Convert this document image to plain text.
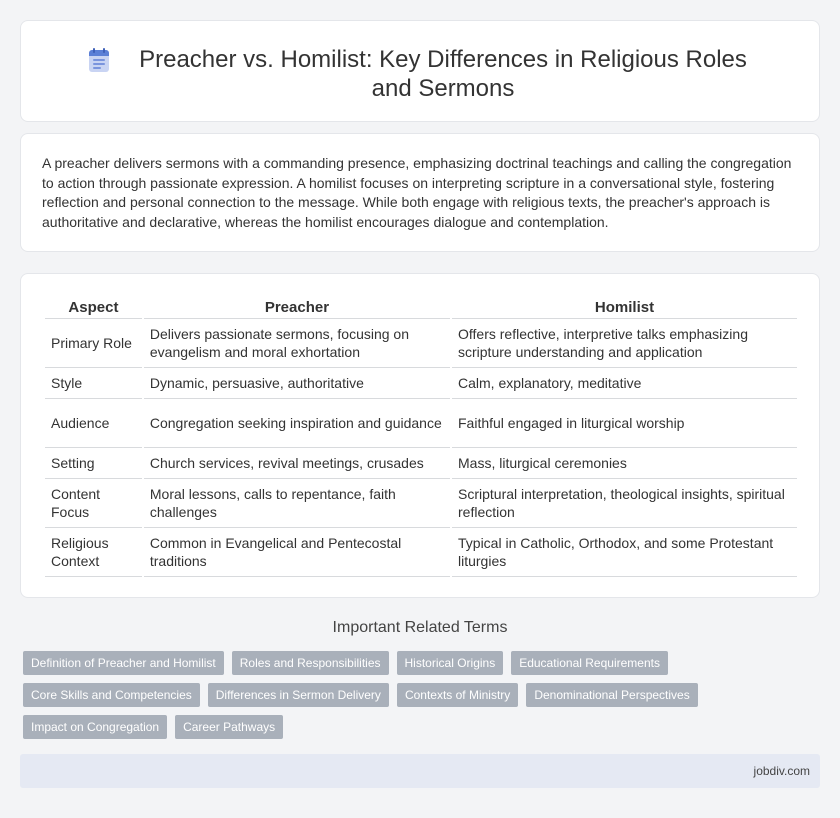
Preacher vs. Homilist: Key Differences in Religious Roles and Sermons

A preacher delivers sermons with a commanding presence, emphasizing doctrinal teachings and calling the congregation to action through passionate expression. A homilist focuses on interpreting scripture in a conversational style, fostering reflection and personal connection to the message. While both engage with religious texts, the preacher's approach is authoritative and declarative, whereas the homilist encourages dialogue and contemplation.

Aspect	Preacher	Homilist
Primary Role	Delivers passionate sermons, focusing on evangelism and moral exhortation	Offers reflective, interpretive talks emphasizing scripture understanding and application
Style	Dynamic, persuasive, authoritative	Calm, explanatory, meditative
Audience	Congregation seeking inspiration and guidance	Faithful engaged in liturgical worship
Setting	Church services, revival meetings, crusades	Mass, liturgical ceremonies
Content Focus	Moral lessons, calls to repentance, faith challenges	Scriptural interpretation, theological insights, spiritual reflection
Religious Context	Common in Evangelical and Pentecostal traditions	Typical in Catholic, Orthodox, and some Protestant liturgies
Important Related Terms
Definition of Preacher and Homilist	Roles and Responsibilities	Historical Origins	Educational Requirements
Core Skills and Competencies	Differences in Sermon Delivery	Contexts of Ministry	Denominational Perspectives
Impact on Congregation	Career Pathways
jobdiv.com
